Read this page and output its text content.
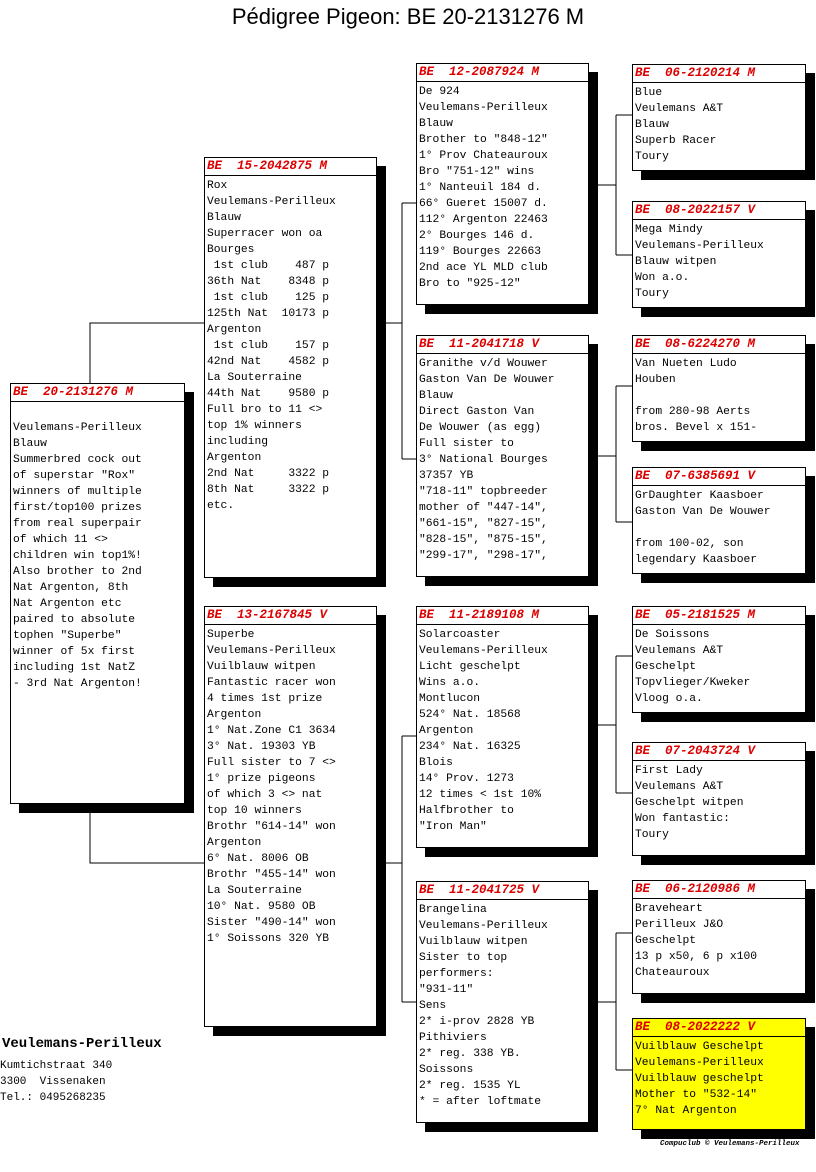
Pédigree Pigeon: BE 20-2131276 M
BE  20-2131276 M
Veulemans-Perilleux
Blauw
Summerbred cock out
of superstar "Rox"
winners of multiple
first/top100 prizes
from real superpair
of which 11 <>
children win top1%!
Also brother to 2nd
Nat Argenton, 8th
Nat Argenton etc
paired to absolute
tophen "Superbe"
winner of 5x first
including 1st NatZ
- 3rd Nat Argenton!
BE  15-2042875 M
Rox
Veulemans-Perilleux
Blauw
Superracer won oa
Bourges
1st club    487 p
36th Nat    8348 p
1st club    125 p
125th Nat  10173 p
Argenton
1st club    157 p
42nd Nat    4582 p
La Souterraine
44th Nat    9580 p
Full bro to 11 <>
top 1% winners
including
Argenton
2nd Nat     3322 p
8th Nat     3322 p
etc.
BE  13-2167845 V
Superbe
Veulemans-Perilleux
Vuilblauw witpen
Fantastic racer won
4 times 1st prize
Argenton
1° Nat.Zone C1 3634
3° Nat. 19303 YB
Full sister to 7 <>
1° prize pigeons
of which 3 <> nat
top 10 winners
Brothr "614-14" won
Argenton
6° Nat. 8006 OB
Brothr "455-14" won
La Souterraine
10° Nat. 9580 OB
Sister "490-14" won
1° Soissons 320 YB
BE  12-2087924 M
De 924
Veulemans-Perilleux
Blauw
Brother to "848-12"
1° Prov Chateauroux
Bro "751-12" wins
1° Nanteuil 184 d.
66° Gueret 15007 d.
112° Argenton 22463
2° Bourges 146 d.
119° Bourges 22663
2nd ace YL MLD club
Bro to "925-12"
BE  11-2041718 V
Granithe v/d Wouwer
Gaston Van De Wouwer
Blauw
Direct Gaston Van
De Wouwer (as egg)
Full sister to
3° National Bourges
37357 YB
"718-11" topbreeder
mother of "447-14",
"661-15", "827-15",
"828-15", "875-15",
"299-17", "298-17",
BE  11-2189108 M
Solarcoaster
Veulemans-Perilleux
Licht geschelpt
Wins a.o.
Montlucon
524° Nat. 18568
Argenton
234° Nat. 16325
Blois
14° Prov. 1273
12 times < 1st 10%
Halfbrother to
"Iron Man"
BE  11-2041725 V
Brangelina
Veulemans-Perilleux
Vuilblauw witpen
Sister to top
performers:
"931-11"
Sens
2* i-prov 2828 YB
Pithiviers
2* reg. 338 YB.
Soissons
2* reg. 1535 YL
* = after loftmate
BE  06-2120214 M
Blue
Veulemans A&T
Blauw
Superb Racer
Toury
BE  08-2022157 V
Mega Mindy
Veulemans-Perilleux
Blauw witpen
Won a.o.
Toury
BE  08-6224270 M
Van Nueten Ludo
Houben
from 280-98 Aerts
bros. Bevel x 151-
BE  07-6385691 V
GrDaughter Kaasboer
Gaston Van De Wouwer
from 100-02, son
legendary Kaasboer
BE  05-2181525 M
De Soissons
Veulemans A&T
Geschelpt
Topvlieger/Kweker
Vloog o.a.
BE  07-2043724 V
First Lady
Veulemans A&T
Geschelpt witpen
Won fantastic:
Toury
BE  06-2120986 M
Braveheart
Perilleux J&O
Geschelpt
13 p x50, 6 p x100
Chateauroux
BE  08-2022222 V
Vuilblauw Geschelpt
Veulemans-Perilleux
Vuilblauw geschelpt
Mother to "532-14"
7° Nat Argenton
Veulemans-Perilleux
Kumtichstraat 340
3300  Vissenaken
Tel.: 0495268235
Compuclub © Veulemans-Perilleux
